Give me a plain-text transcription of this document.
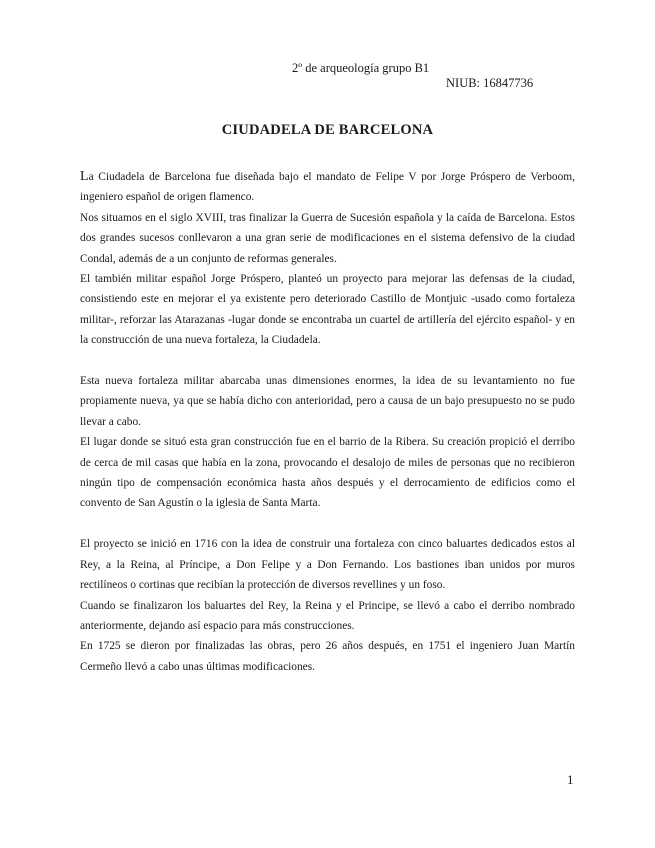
2º de arqueología grupo B1
NIUB: 16847736
CIUDADELA DE BARCELONA

La Ciudadela de Barcelona fue diseñada bajo el mandato de Felipe V por Jorge Próspero de Verboom, ingeniero español de origen flamenco.

Nos situamos en el siglo XVIII, tras finalizar la Guerra de Sucesión española y la caída de Barcelona. Estos dos grandes sucesos conllevaron a una gran serie de modificaciones en el sistema defensivo de la ciudad Condal, además de a un conjunto de reformas generales.

El también militar español Jorge Próspero, planteó un proyecto para mejorar las defensas de la ciudad, consistiendo este en mejorar el ya existente pero deteriorado Castillo de Montjuic -usado como fortaleza militar-, reforzar las Atarazanas -lugar donde se encontraba un cuartel de artillería del ejército español- y en la construcción de una nueva fortaleza, la Ciudadela.

Esta nueva fortaleza militar abarcaba unas dimensiones enormes, la idea de su levantamiento no fue propiamente nueva, ya que se había dicho con anterioridad, pero a causa de un bajo presupuesto no se pudo llevar a cabo.

El lugar donde se situó esta gran construcción fue en el barrio de la Ribera. Su creación propició el derribo de cerca de mil casas que había en la zona, provocando el desalojo de miles de personas que no recibieron ningún tipo de compensación económica hasta años después y el derrocamiento de edificios como el convento de San Agustín o la iglesia de Santa Marta.

El proyecto se inició en 1716 con la idea de construir una fortaleza con cinco baluartes dedicados estos al Rey, a la Reina, al Príncipe, a Don Felipe y a Don Fernando. Los bastiones iban unidos por muros rectilíneos o cortinas que recibían la protección de diversos revellines y un foso.

Cuando se finalizaron los baluartes del Rey, la Reina y el Principe, se llevó a cabo el derribo nombrado anteriormente, dejando así espacio para más construcciones.

En 1725 se dieron por finalizadas las obras, pero 26 años después, en 1751 el ingeniero Juan Martín Cermeño llevó a cabo unas últimas modificaciones.

1
